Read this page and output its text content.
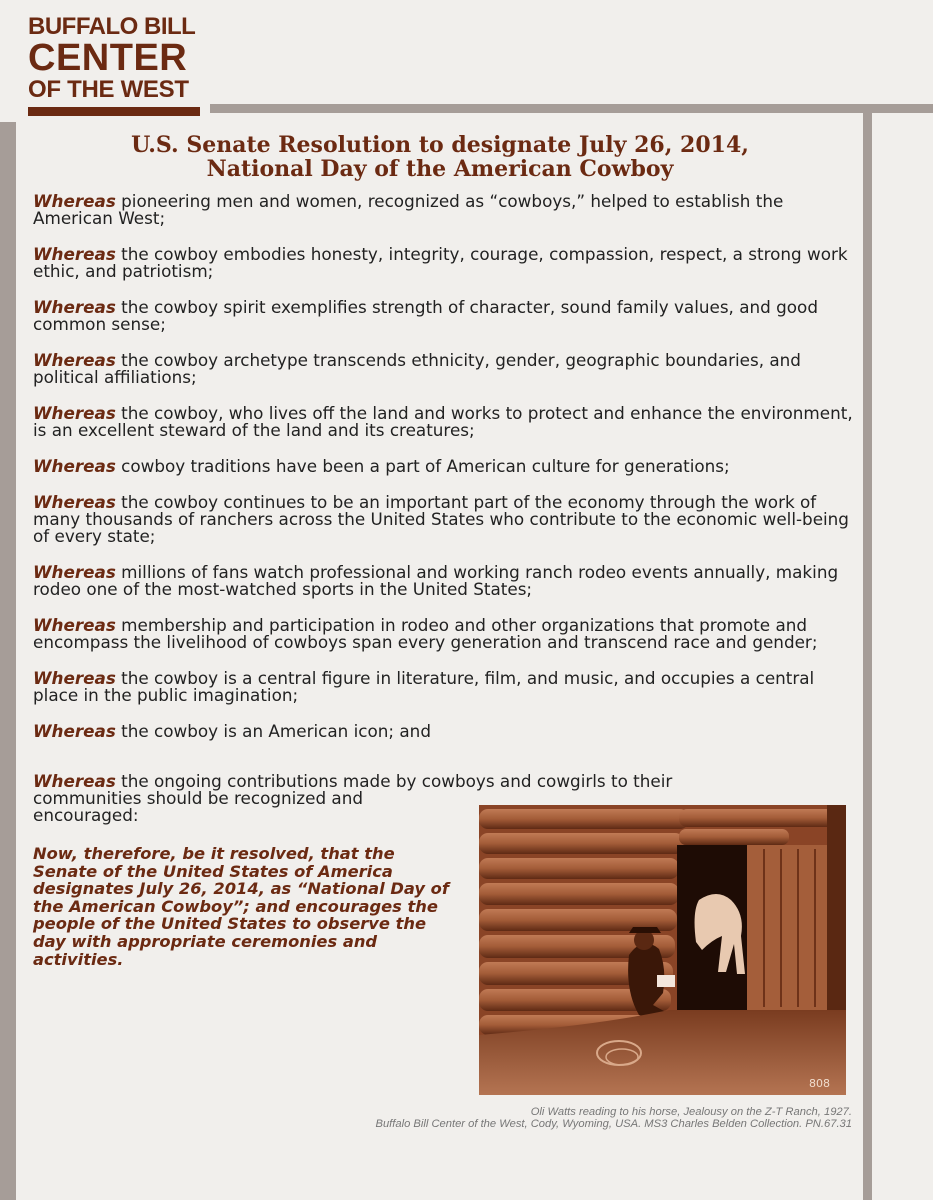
BUFFALO BILL
CENTER
OF THE WEST
U.S. Senate Resolution to designate July 26, 2014,
National Day of the American Cowboy

Whereas pioneering men and women, recognized as “cowboys,” helped to establish the American West;

Whereas the cowboy embodies honesty, integrity, courage, compassion, respect, a strong work ethic, and patriotism;

Whereas the cowboy spirit exemplifies strength of character, sound family values, and good common sense;

Whereas the cowboy archetype transcends ethnicity, gender, geographic boundaries, and political affiliations;

Whereas the cowboy, who lives off the land and works to protect and enhance the environment, is an excellent steward of the land and its creatures;

Whereas cowboy traditions have been a part of American culture for generations;

Whereas the cowboy continues to be an important part of the economy through the work of many thousands of ranchers across the United States who contribute to the economic well-being of every state;

Whereas millions of fans watch professional and working ranch rodeo events annually, making rodeo one of the most-watched sports in the United States;

Whereas membership and participation in rodeo and other organizations that promote and encompass the livelihood of cowboys span every generation and transcend race and gender;

Whereas the cowboy is a central figure in literature, film, and music, and occupies a central place in the public imagination;

Whereas the cowboy is an American icon; and

Whereas the ongoing contributions made by cowboys and cowgirls to their
communities should be recognized and encouraged:
Now, therefore, be it resolved, that the Senate of the United States of America designates July 26, 2014, as “National Day of the American Cowboy”; and encourages the people of the United States to observe the day with appropriate ceremonies and activities.
808
Oli Watts reading to his horse, Jealousy on the Z-T Ranch, 1927.
Buffalo Bill Center of the West, Cody, Wyoming, USA. MS3 Charles Belden Collection. PN.67.31
